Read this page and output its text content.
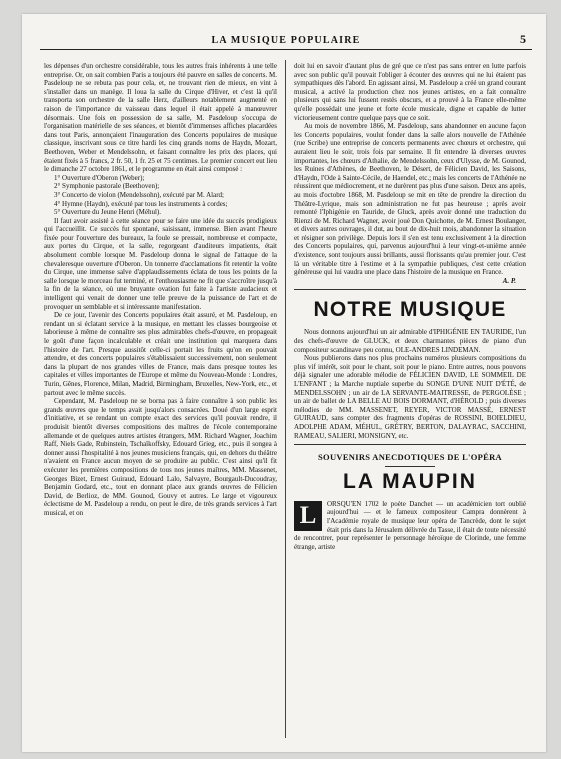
LA MUSIQUE POPULAIRE	5

les dépenses d'un orchestre considérable, tous les autres frais inhérents à une telle entreprise. Or, on sait combien Paris a toujours été pauvre en salles de concerts. M. Pasdeloup ne se rebuta pas pour cela, et, ne trouvant rien de mieux, en vint à s'installer dans un manège. Il loua la salle du Cirque d'Hiver, et c'est là qu'il transporta son orchestre de la salle Herz, d'ailleurs notablement augmenté en raison de l'importance du vaisseau dans lequel il était appelé à manœuvrer désormais. Une fois en possession de sa salle, M. Pasdeloup s'occupa de l'organisation matérielle de ses séances, et bientôt d'immenses affiches placardées dans tout Paris, annonçaient l'inauguration des Concerts populaires de musique classique, inscrivant sous ce titre hardi les cinq grands noms de Haydn, Mozart, Beethoven, Weber et Mendelssohn, et faisant connaître les prix des places, qui étaient fixés à 5 francs, 2 fr. 50, 1 fr. 25 et 75 centimes. Le premier concert eut lieu le dimanche 27 octobre 1861, et le programme en était ainsi composé :

1° Ouverture d'Oberon (Weber);
2° Symphonie pastorale (Beethoven);
3° Concerto de violon (Mendelssohn), exécuté par M. Alard;
4° Hymne (Haydn), exécuté par tous les instruments à cordes;
5° Ouverture du Jeune Henri (Méhul).

Il faut avoir assisté à cette séance pour se faire une idée du succès prodigieux qui l'accueillit. Ce succès fut spontané, saisissant, immense. Bien avant l'heure fixée pour l'ouverture des bureaux, la foule se pressait, nombreuse et compacte, aux portes du Cirque, et la salle, regorgeant d'auditeurs impatients, était absolument comble lorsque M. Pasdeloup donna le signal de l'attaque de la chevaleresque ouverture d'Oberon. Un tonnerre d'acclamations fit retentir la voûte du Cirque, une immense salve d'applaudissements éclata de tous les points de la salle lorsque le morceau fut terminé, et l'enthousiasme ne fit que s'accroître jusqu'à la fin de la séance, où une bruyante ovation fut faite à l'artiste audacieux et intelligent qui venait de donner une telle preuve de la puissance de l'art et de provoquer un semblable et si intéressante manifestation.

De ce jour, l'avenir des Concerts populaires était assuré, et M. Pasdeloup, en rendant un si éclatant service à la musique, en mettant les classes bourgeoise et laborieuse à même de connaître ses plus admirables chefs-d'œuvre, en propageait le goût d'une façon incalculable et créait une institution qui marquera dans l'histoire de l'art. Presque aussitôt celle-ci portait les fruits qu'on en pouvait attendre, et des concerts populaires s'établissaient successivement, non seulement dans la plupart de nos grandes villes de France, mais dans presque toutes les capitales et villes importantes de l'Europe et même du Nouveau-Monde : Londres, Turin, Gênes, Florence, Milan, Madrid, Birmingham, Bruxelles, New-York, etc., et partout avec le même succès.

Cependant, M. Pasdeloup ne se borna pas à faire connaître à son public les grands œuvres que le temps avait jusqu'alors consacrées. Doué d'un large esprit d'initiative, et se rendant un compte exact des services qu'il pouvait rendre, il produisit bientôt diverses compositions des maîtres de l'école contemporaine allemande et de quelques autres artistes étrangers, MM. Richard Wagner, Joachim Raff, Niels Gade, Rubinstein, Tschaïkoffsky, Edouard Grieg, etc., puis il songea à donner aussi l'hospitalité à nos jeunes musiciens français, qui, en dehors du théâtre n'avaient en France aucun moyen de se produire au public. C'est ainsi qu'il fit exécuter les premières compositions de tous nos jeunes maîtres, MM. Massenet, Georges Bizet, Ernest Guiraud, Edouard Lalo, Salvayre, Bourgault-Ducoudray, Benjamin Godard, etc., tout en donnant place aux grands œuvres de Félicien David, de Berlioz, de MM. Gounod, Gouvy et autres. Le large et vigoureux éclectisme de M. Pasdeloup a rendu, on peut le dire, de très grands services à l'art musical, et on

doit lui en savoir d'autant plus de gré que ce n'est pas sans entrer en lutte parfois avec son public qu'il pouvait l'obliger à écouter des œuvres qui ne lui étaient pas sympathiques dès l'abord. En agissant ainsi, M. Pasdeloup a créé un grand courant musical, a activé la production chez nos jeunes artistes, en a fait connaître plusieurs qui sans lui fussent restés obscurs, et a prouvé à la France elle-même qu'elle possédait une jeune et forte école musicale, digne et capable de lutter victorieusement contre quelque pays que ce soit.

Au mois de novembre 1866, M. Pasdeloup, sans abandonner en aucune façon les Concerts populaires, voulut fonder dans la salle alors nouvelle de l'Athénée (rue Scribe) une entreprise de concerts permanents avec chœurs et orchestre, qui auraient lieu le soir, trois fois par semaine. Il fit entendre là diverses œuvres importantes, les chœurs d'Athalie, de Mendelssohn, ceux d'Ulysse, de M. Gounod, les Ruines d'Athènes, de Beethoven, le Désert, de Félicien David, les Saisons, d'Haydn, l'Ode à Sainte-Cécile, de Haendel, etc.; mais les concerts de l'Athénée ne réussirent que médiocrement, et ne durèrent pas plus d'une saison. Deux ans après, au mois d'octobre 1868, M. Pasdeloup se mit en tête de prendre la direction du Théâtre-Lyrique, mais son administration ne fut pas heureuse ; après avoir remonté l'Iphigénie en Tauride, de Gluck, après avoir donné une traduction du Rienzi de M. Richard Wagner, avoir joué Don Quichotte, de M. Ernest Boulanger, et divers autres ouvrages, il dut, au bout de dix-huit mois, abandonner la situation et résigner son privilège. Depuis lors il s'en est tenu exclusivement à la direction des Concerts populaires, qui, parvenus aujourd'hui à leur vingt-et-unième année d'existence, sont toujours aussi brillants, aussi florissants qu'au premier jour. C'est là un véritable titre à l'estime et à la sympathie publiques, c'est cette création généreuse qui lui vaudra une place dans l'histoire de la musique en France.

A. P.
NOTRE MUSIQUE

Nous donnons aujourd'hui un air admirable d'IPHIGÉNIE EN TAURIDE, l'un des chefs-d'œuvre de GLUCK, et deux charmantes pièces de piano d'un compositeur scandinave peu connu, OLE-ANDRES LINDEMAN.

Nous publierons dans nos plus prochains numéros plusieurs compositions du plus vif intérêt, soit pour le chant, soit pour le piano. Entre autres, nous pouvons déjà signaler une adorable mélodie de FÉLICIEN DAVID, LE SOMMEIL DE L'ENFANT ; la Marche nuptiale superbe du SONGE D'UNE NUIT D'ÉTÉ, de MENDELSSOHN ; un air de LA SERVANTE-MAITRESSE, de PERGOLÈSE ; un air de ballet de LA BELLE AU BOIS DORMANT, d'HÉROLD ; puis diverses mélodies de MM. MASSENET, REYER, VICTOR MASSÉ, ERNEST GUIRAUD, sans compter des fragments d'opéras de ROSSINI, BOIELDIEU, ADOLPHE ADAM, MÉHUL, GRÉTRY, BERTON, DALAYRAC, SACCHINI, RAMEAU, SALIERI, MONSIGNY, etc.

SOUVENIRS ANECDOTIQUES DE L'OPÉRA
LA MAUPIN
L	ORSQU'EN 1702 le poète Danchet — un académicien tort oublié aujourd'hui — et le fameux compositeur Campra donnèrent à l'Académie royale de musique leur opéra de Tancrède, dont le sujet était pris dans la Jérusalem délivrée du Tasse, il était de toute nécessité de rencontrer, pour représenter le personnage héroïque de Clorinde, une femme étrange, artiste
